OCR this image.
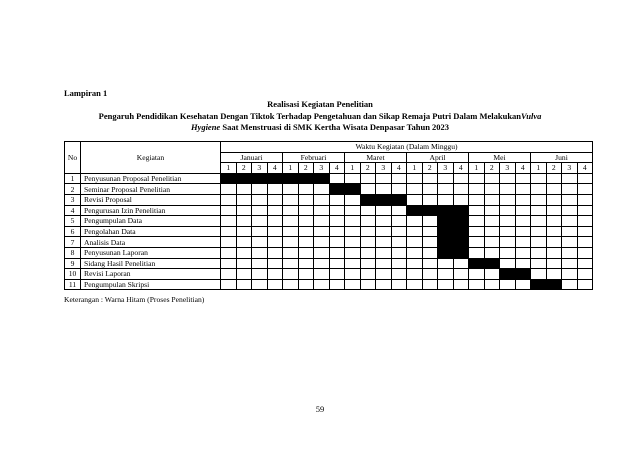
Lampiran 1
Realisasi Kegiatan Penelitian
Pengaruh Pendidikan Kesehatan Dengan Tiktok Terhadap Pengetahuan dan Sikap Remaja Putri Dalam MelakukanVulva
Hygiene Saat Menstruasi di SMK Kertha Wisata Denpasar Tahun 2023
No	Kegiatan	Waktu Kegiatan (Dalam Minggu)																							
		Januari				Februari				Maret				April				Mei				Juni			
		1	2	3	4	1	2	3	4	1	2	3	4	1	2	3	4	1	2	3	4	1	2	3	4
1	Penyusunan Proposal Penelitian																								
2	Seminar Proposal Penelitian																								
3	Revisi Proposal																								
4	Pengurusan Izin Penelitian																								
5	Pengumpulan Data																								
6	Pengolahan Data																								
7	Analisis Data																								
8	Penyusunan Laporan																								
9	Sidang Hasil Penelitian																								
10	Revisi Laporan																								
11	Pengumpulan Skripsi																								
Keterangan : Warna Hitam (Proses Penelitian)
59
